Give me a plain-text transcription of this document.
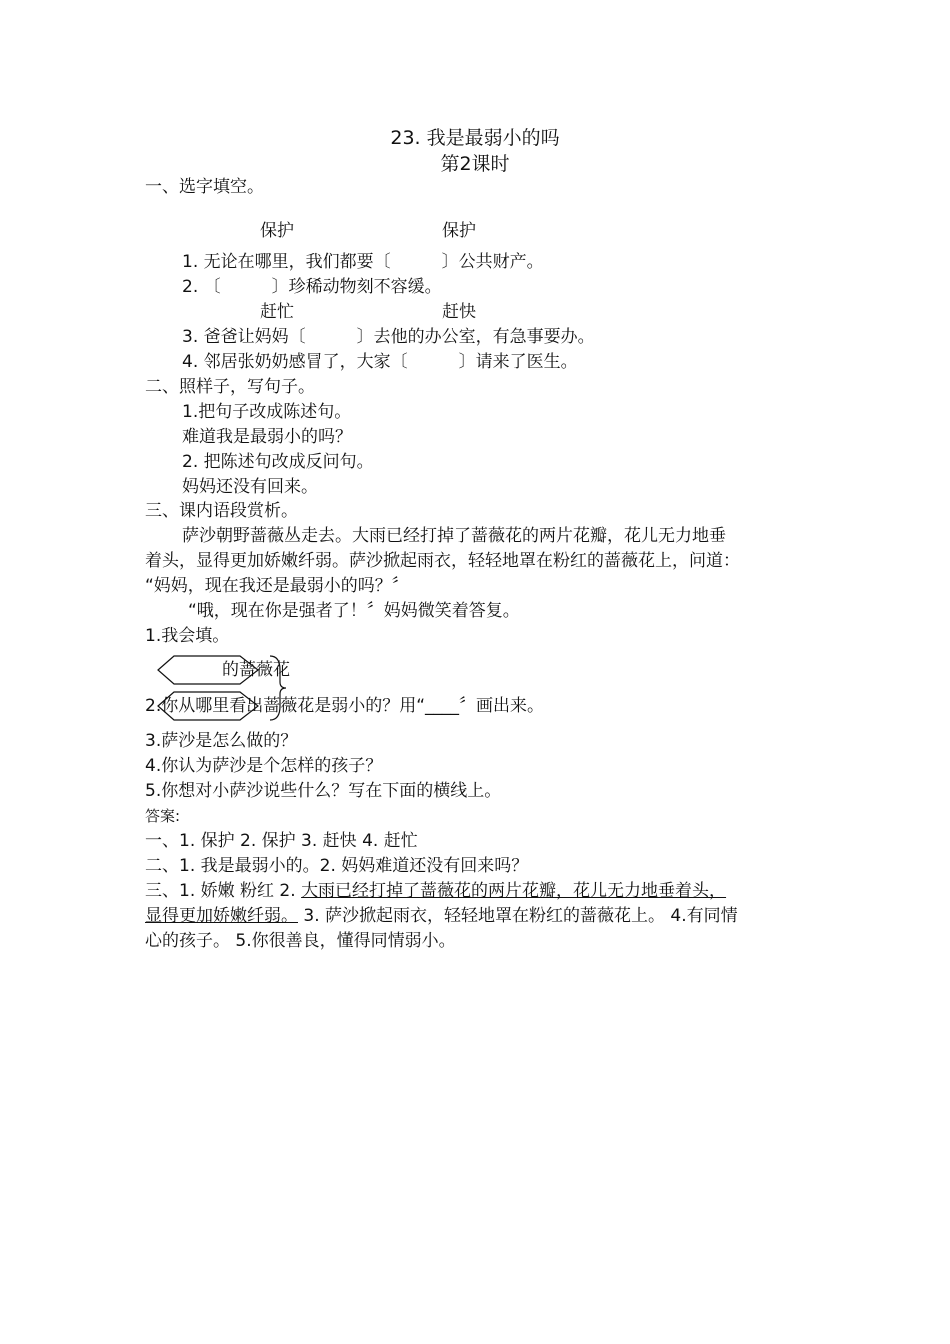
23. 我是最弱小的吗
第2课时
一、选字填空。
保护	保护
1. 无论在哪里，我们都要〔　　　〕公共财产。
2. 〔　　　〕珍稀动物刻不容缓。
赶忙	赶快
3. 爸爸让妈妈〔　　　〕去他的办公室，有急事要办。
4. 邻居张奶奶感冒了，大家〔　　　〕请来了医生。
二、照样子，写句子。
1.把句子改成陈述句。
难道我是最弱小的吗？
2. 把陈述句改成反问句。
妈妈还没有回来。
三、课内语段赏析。
萨沙朝野蔷薇丛走去。大雨已经打掉了蔷薇花的两片花瓣，花儿无力地垂
着头，显得更加娇嫩纤弱。萨沙掀起雨衣，轻轻地罩在粉红的蔷薇花上，问道：
“妈妈，现在我还是最弱小的吗？〞
“哦，现在你是强者了！〞妈妈微笑着答复。
1.我会填。
的蔷薇花
2.你从哪里看出蔷薇花是弱小的？用“____〞画出来。
3.萨沙是怎么做的？
4.你认为萨沙是个怎样的孩子？
5.你想对小萨沙说些什么？写在下面的横线上。
答案:
一、1. 保护 2. 保护 3. 赶快 4. 赶忙
二、1. 我是最弱小的。2. 妈妈难道还没有回来吗？
三、1. 娇嫩 粉红 2. 大雨已经打掉了蔷薇花的两片花瓣，花儿无力地垂着头，
显得更加娇嫩纤弱。 3. 萨沙掀起雨衣，轻轻地罩在粉红的蔷薇花上。 4.有同情
心的孩子。 5.你很善良，懂得同情弱小。
